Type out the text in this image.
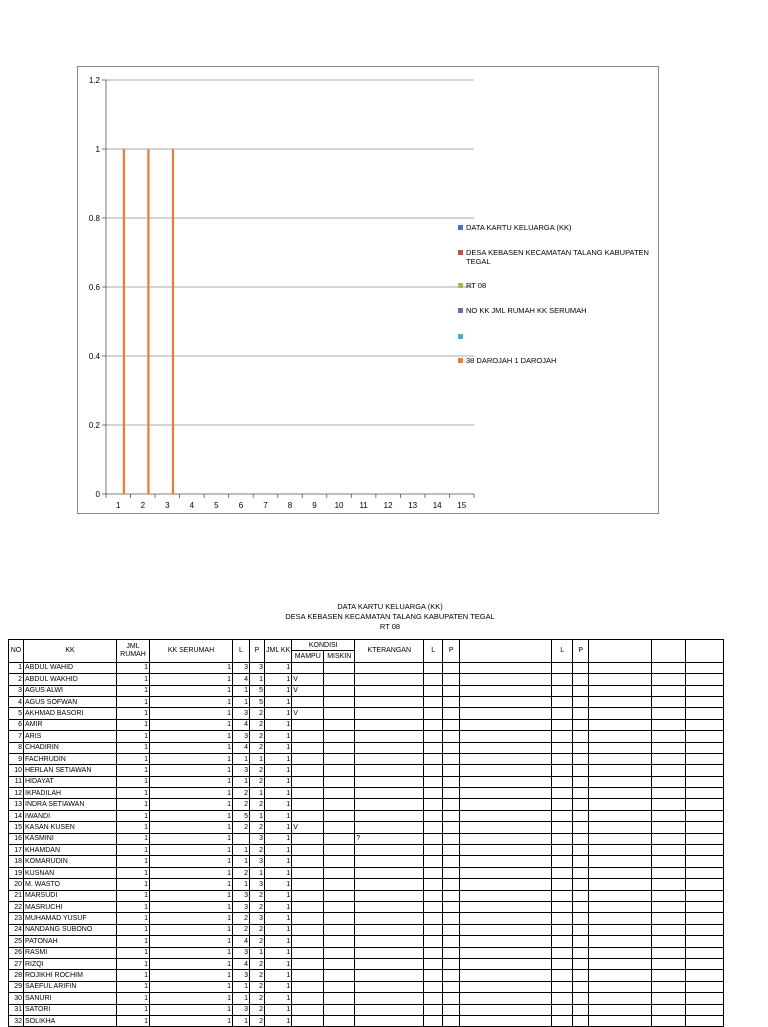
0
0.2
0.4
0.6
0.8
1
1.2
1	2	3	4	5	6	7	8	9 10 11 12 13 14 15
DATA KARTU KELUARGA (KK)
DESA KEBASEN KECAMATAN TALANG KABUPATEN TEGAL
RT 08
NO KK JML RUMAH KK SERUMAH
38 DAROJAH 1 DAROJAH
DATA KARTU KELUARGA (KK)
DESA KEBASEN KECAMATAN TALANG KABUPATEN TEGAL
RT 08
NO	KK	JML RUMAH	KK SERUMAH	L	P	JML KK	KONDISI		KTERANGAN	L	P		L	P			
							MAMPU	MISKIN									
1	ABDUL WAHID	1	1	3	3	1											
2	ABDUL WAKHID	1	1	4	1	1	V										
3	AGUS ALWI	1	1	1	5	1	V										
4	AGUS SOFWAN	1	1	1	5	1											
5	AKHMAD BASORI	1	1	3	2	1	V										
6	AMIR	1	1	4	2	1											
7	ARIS	1	1	3	2	1											
8	CHADIRIN	1	1	4	2	1											
9	FACHRUDIN	1	1	1	1	1											
10	HERLAN SETIAWAN	1	1	3	2	1											
11	HIDAYAT	1	1	1	2	1											
12	IKPADILAH	1	1	2	1	1											
13	INDRA SETIAWAN	1	1	2	2	1											
14	IWANDI	1	1	5	1	1											
15	KASAN KUSEN	1	1	2	2	1	V										
16	KASMINI	1	1		3	1			?								
17	KHAMDAN	1	1	1	2	1											
18	KOMARUDIN	1	1	1	3	1											
19	KUSNAN	1	1	2	1	1											
20	M. WASTO	1	1	1	3	1											
21	MARSUDI	1	1	3	2	1											
22	MASRUCHI	1	1	3	2	1											
23	MUHAMAD YUSUF	1	1	2	3	1											
24	NANDANG SUBONO	1	1	2	2	1											
25	PATONAH	1	1	4	2	1											
26	RASMI	1	1	3	1	1											
27	RIZQI	1	1	4	2	1											
28	ROJIKHI ROCHIM	1	1	3	2	1											
29	SAEFUL ARIFIN	1	1	1	2	1											
30	SANURI	1	1	1	2	1											
31	SATORI	1	1	3	2	1											
32	SOLIKHA	1	1	1	2	1											
